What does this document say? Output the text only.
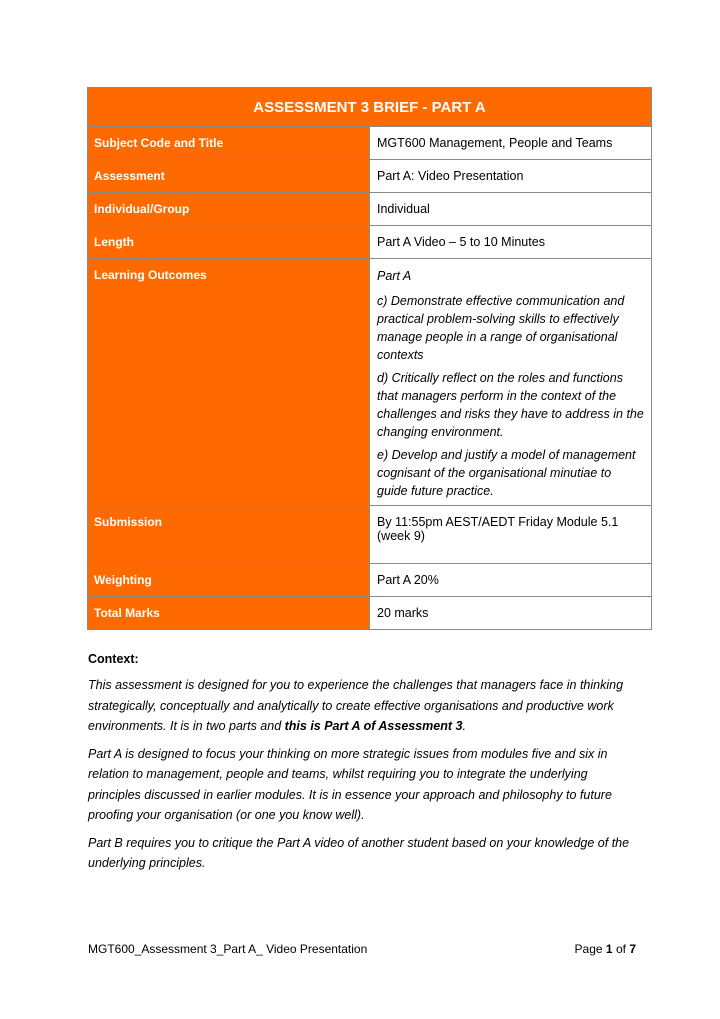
ASSESSMENT 3 BRIEF - PART A	
Subject Code and Title	MGT600 Management, People and Teams
Assessment	Part A: Video Presentation
Individual/Group	Individual
Length	Part A Video – 5 to 10 Minutes
Learning Outcomes	Part A
c) Demonstrate effective communication and practical problem-solving skills to effectively manage people in a range of organisational contexts
d) Critically reflect on the roles and functions that managers perform in the context of the challenges and risks they have to address in the changing environment.
e) Develop and justify a model of management cognisant of the organisational minutiae to guide future practice.

Submission	By 11:55pm AEST/AEDT Friday Module 5.1 (week 9)
Weighting	Part A 20%
Total Marks	20 marks

Context:

This assessment is designed for you to experience the challenges that managers face in thinking strategically, conceptually and analytically to create effective organisations and productive work environments. It is in two parts and this is Part A of Assessment 3.

Part A is designed to focus your thinking on more strategic issues from modules five and six in relation to management, people and teams, whilst requiring you to integrate the underlying principles discussed in earlier modules. It is in essence your approach and philosophy to future proofing your organisation (or one you know well).

Part B requires you to critique the Part A video of another student based on your knowledge of the underlying principles.

MGT600_Assessment 3_Part A_ Video Presentation	Page 1 of 7
